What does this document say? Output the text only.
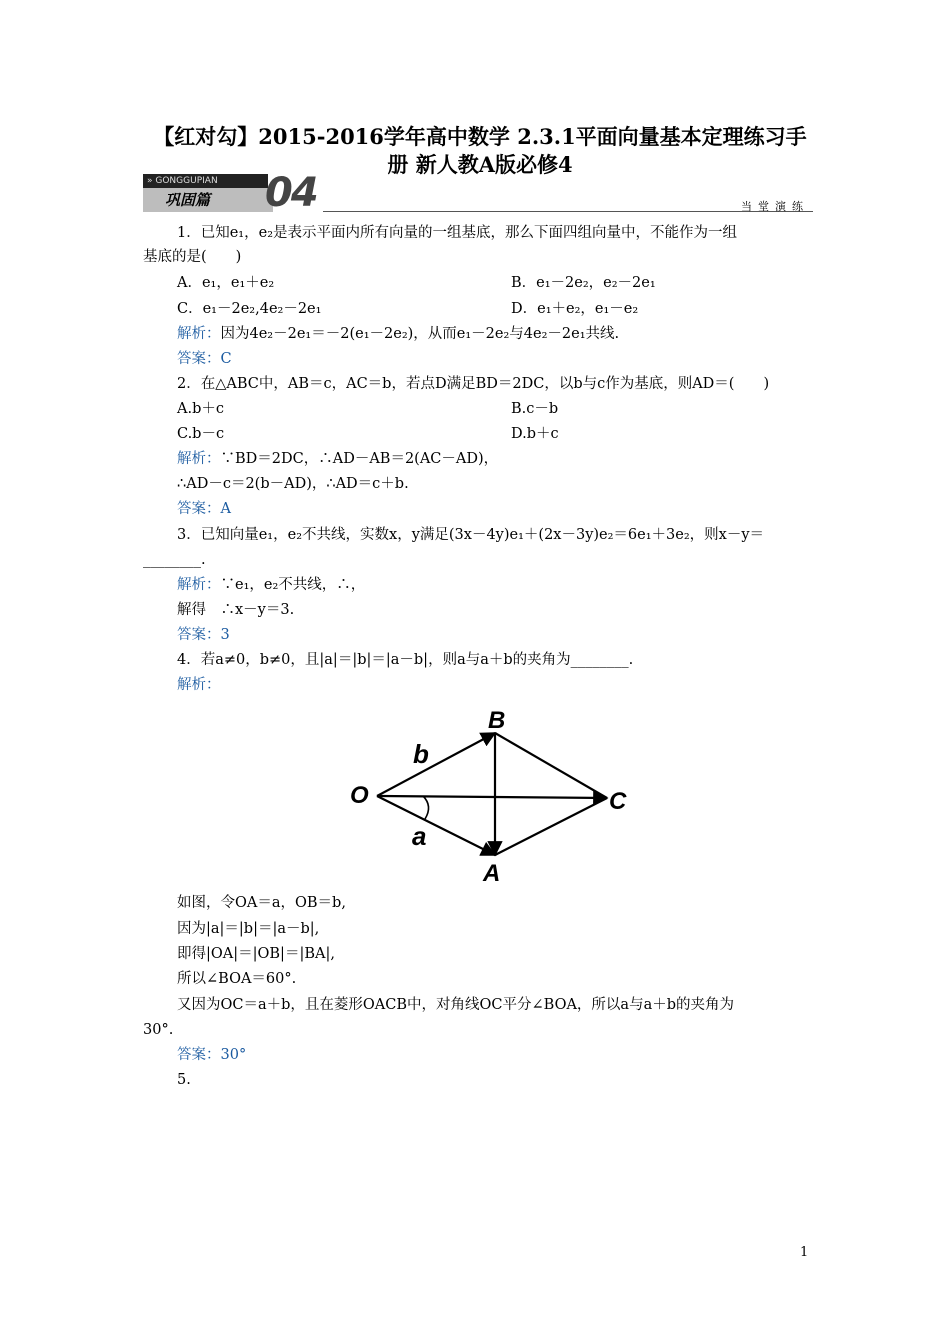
【红对勾】2015-2016学年高中数学 2.3.1平面向量基本定理练习手
册 新人教A版必修4
» GONGGUPIAN
巩固篇	04	当堂演练
1．已知e₁，e₂是表示平面内所有向量的一组基底，那么下面四组向量中，不能作为一组
基底的是(　　)
A．e₁，e₁＋e₂	B．e₁－2e₂，e₂－2e₁
C．e₁－2e₂,4e₂－2e₁	D．e₁＋e₂，e₁－e₂
解析：因为4e₂－2e₁＝－2(e₁－2e₂)，从而e₁－2e₂与4e₂－2e₁共线.
答案：C
2．在△ABC中，AB＝c，AC＝b，若点D满足BD＝2DC，以b与c作为基底，则AD＝(　　)
A.b＋c	B.c－b
C.b－c	D.b＋c
解析：∵BD＝2DC，∴AD－AB＝2(AC－AD)，
∴AD－c＝2(b－AD)，∴AD＝c＋b.
答案：A
3．已知向量e₁，e₂不共线，实数x，y满足(3x－4y)e₁＋(2x－3y)e₂＝6e₁＋3e₂，则x－y＝
________.
解析：∵e₁，e₂不共线，∴，
解得　∴x－y＝3.
答案：3
4．若a≠0，b≠0，且|a|＝|b|＝|a－b|，则a与a＋b的夹角为________.
解析：
如图，令OA＝a，OB＝b,
因为|a|＝|b|＝|a－b|,
即得|OA|＝|OB|＝|BA|,
所以∠BOA＝60°.
又因为OC＝a＋b，且在菱形OACB中，对角线OC平分∠BOA，所以a与a＋b的夹角为
30°.
答案：30°
5.
B
b
O	C
a
A
1
